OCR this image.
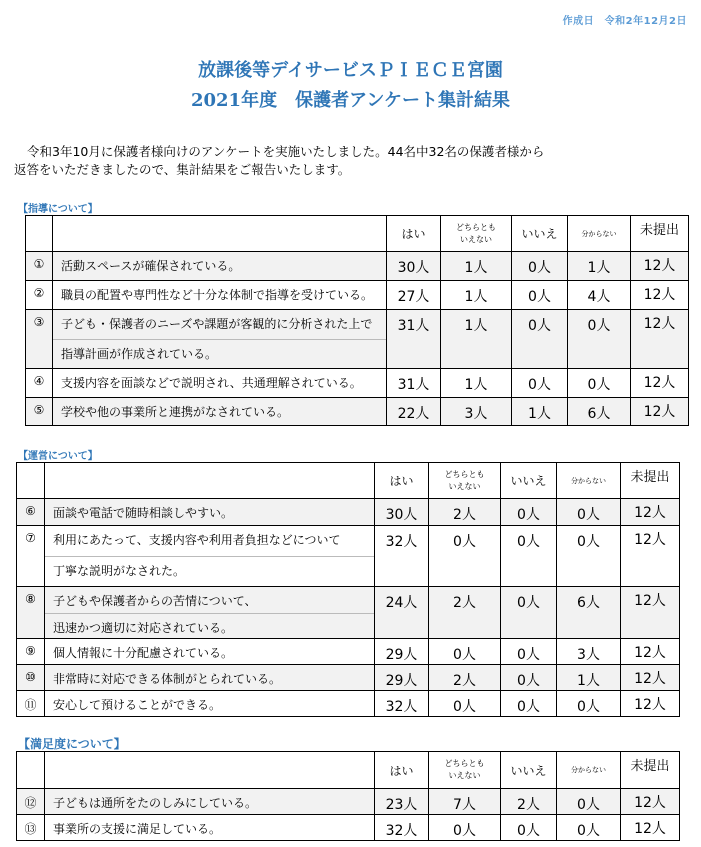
作成日　令和2年12月2日
放課後等デイサービスＰＩＥＣＥ宮園
2021年度　保護者アンケート集計結果
令和3年10月に保護者様向けのアンケートを実施いたしました。44名中32名の保護者様から
返答をいただきましたので、集計結果をご報告いたします。
【指導について】
		はい	どちらとも
いえない	いいえ	分からない	未提出
①	活動スペースが確保されている。	30人	1人	0人	1人	12人
②	職員の配置や専門性など十分な体制で指導を受けている。	27人	1人	0人	4人	12人
③	子ども・保護者のニーズや課題が客観的に分析された上で
指導計画が作成されている。	31人	1人	0人	0人	12人
④	支援内容を面談などで説明され、共通理解されている。	31人	1人	0人	0人	12人
⑤	学校や他の事業所と連携がなされている。	22人	3人	1人	6人	12人
【運営について】
		はい	どちらとも
いえない	いいえ	分からない	未提出
⑥	面談や電話で随時相談しやすい。	30人	2人	0人	0人	12人
⑦	利用にあたって、支援内容や利用者負担などについて
丁寧な説明がなされた。	32人	0人	0人	0人	12人
⑧	子どもや保護者からの苦情について、
迅速かつ適切に対応されている。	24人	2人	0人	6人	12人
⑨	個人情報に十分配慮されている。	29人	0人	0人	3人	12人
⑩	非常時に対応できる体制がとられている。	29人	2人	0人	1人	12人
⑪	安心して預けることができる。	32人	0人	0人	0人	12人
【満足度について】
		はい	どちらとも
いえない	いいえ	分からない	未提出
⑫	子どもは通所をたのしみにしている。	23人	7人	2人	0人	12人
⑬	事業所の支援に満足している。	32人	0人	0人	0人	12人
